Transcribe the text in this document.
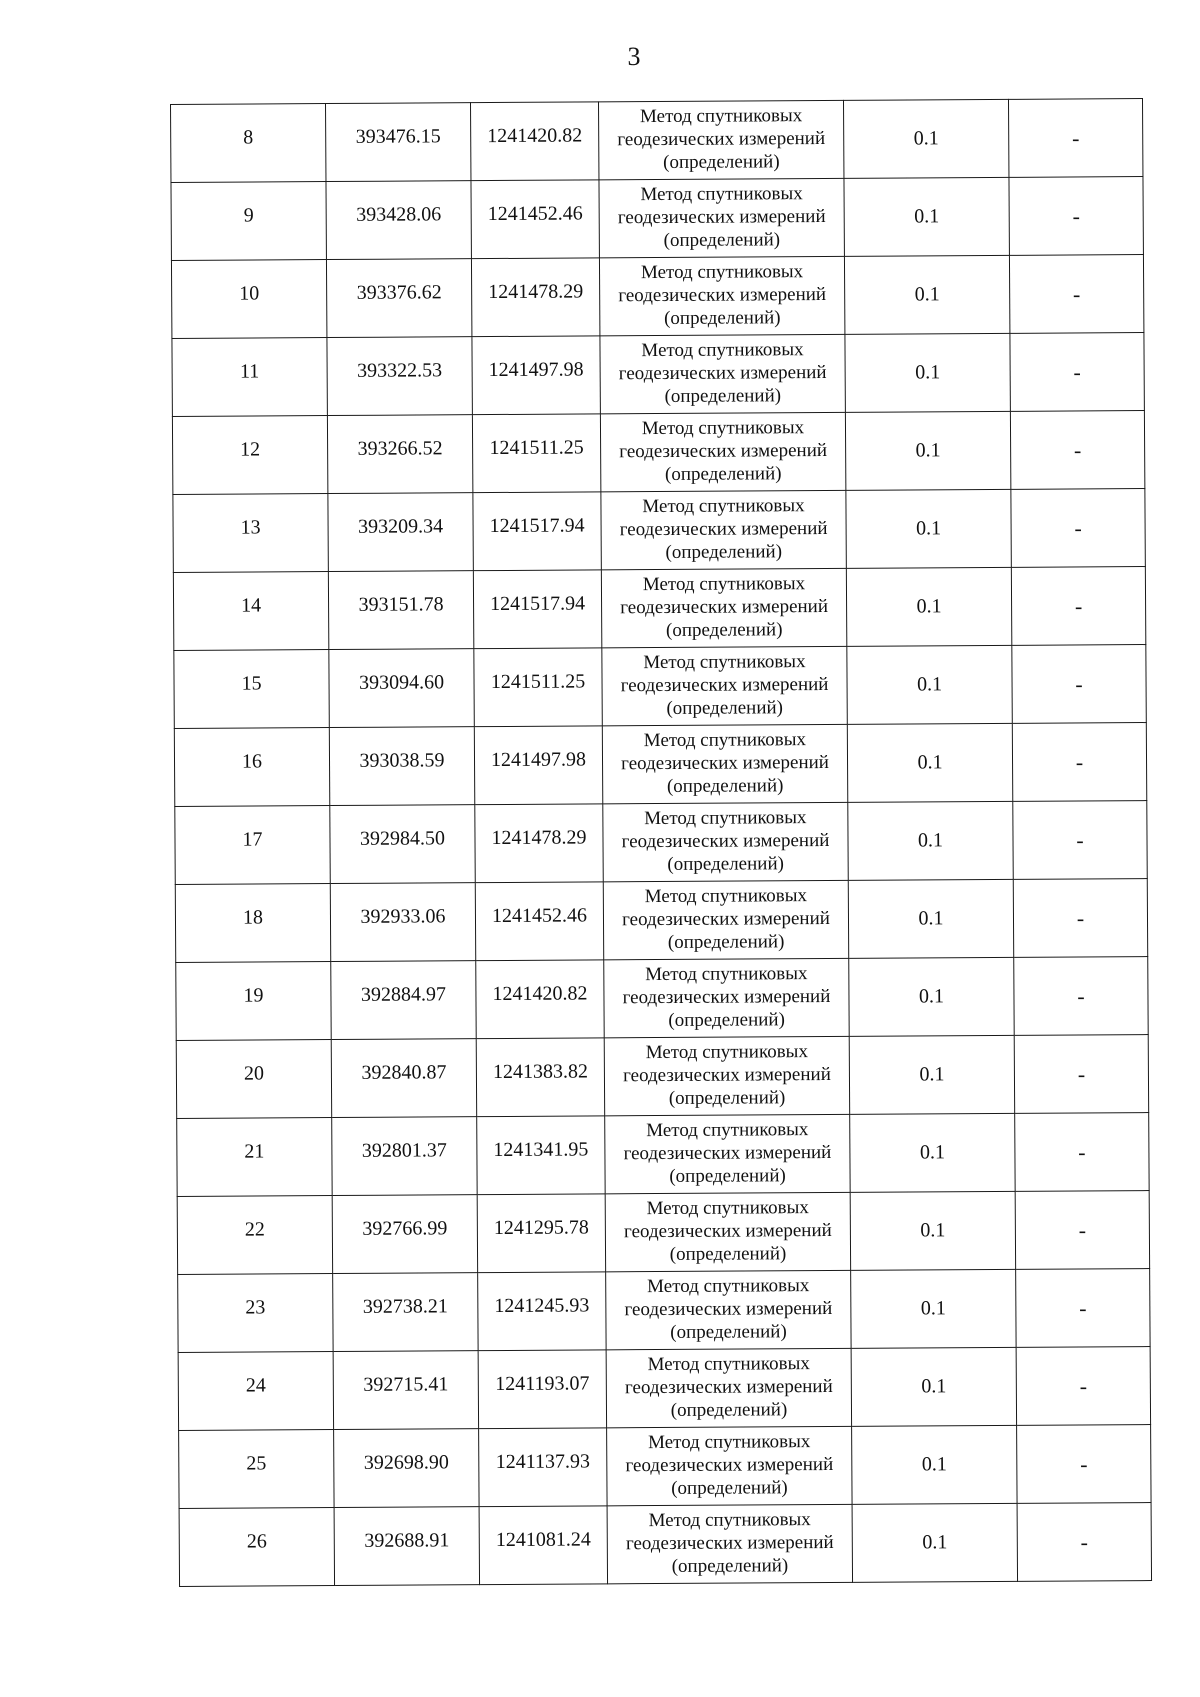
3
8	393476.15	1241420.82	Метод спутниковых геодезических измерений (определений)	0.1	-
9	393428.06	1241452.46	Метод спутниковых геодезических измерений (определений)	0.1	-
10	393376.62	1241478.29	Метод спутниковых геодезических измерений (определений)	0.1	-
11	393322.53	1241497.98	Метод спутниковых геодезических измерений (определений)	0.1	-
12	393266.52	1241511.25	Метод спутниковых геодезических измерений (определений)	0.1	-
13	393209.34	1241517.94	Метод спутниковых геодезических измерений (определений)	0.1	-
14	393151.78	1241517.94	Метод спутниковых геодезических измерений (определений)	0.1	-
15	393094.60	1241511.25	Метод спутниковых геодезических измерений (определений)	0.1	-
16	393038.59	1241497.98	Метод спутниковых геодезических измерений (определений)	0.1	-
17	392984.50	1241478.29	Метод спутниковых геодезических измерений (определений)	0.1	-
18	392933.06	1241452.46	Метод спутниковых геодезических измерений (определений)	0.1	-
19	392884.97	1241420.82	Метод спутниковых геодезических измерений (определений)	0.1	-
20	392840.87	1241383.82	Метод спутниковых геодезических измерений (определений)	0.1	-
21	392801.37	1241341.95	Метод спутниковых геодезических измерений (определений)	0.1	-
22	392766.99	1241295.78	Метод спутниковых геодезических измерений (определений)	0.1	-
23	392738.21	1241245.93	Метод спутниковых геодезических измерений (определений)	0.1	-
24	392715.41	1241193.07	Метод спутниковых геодезических измерений (определений)	0.1	-
25	392698.90	1241137.93	Метод спутниковых геодезических измерений (определений)	0.1	-
26	392688.91	1241081.24	Метод спутниковых геодезических измерений (определений)	0.1	-
